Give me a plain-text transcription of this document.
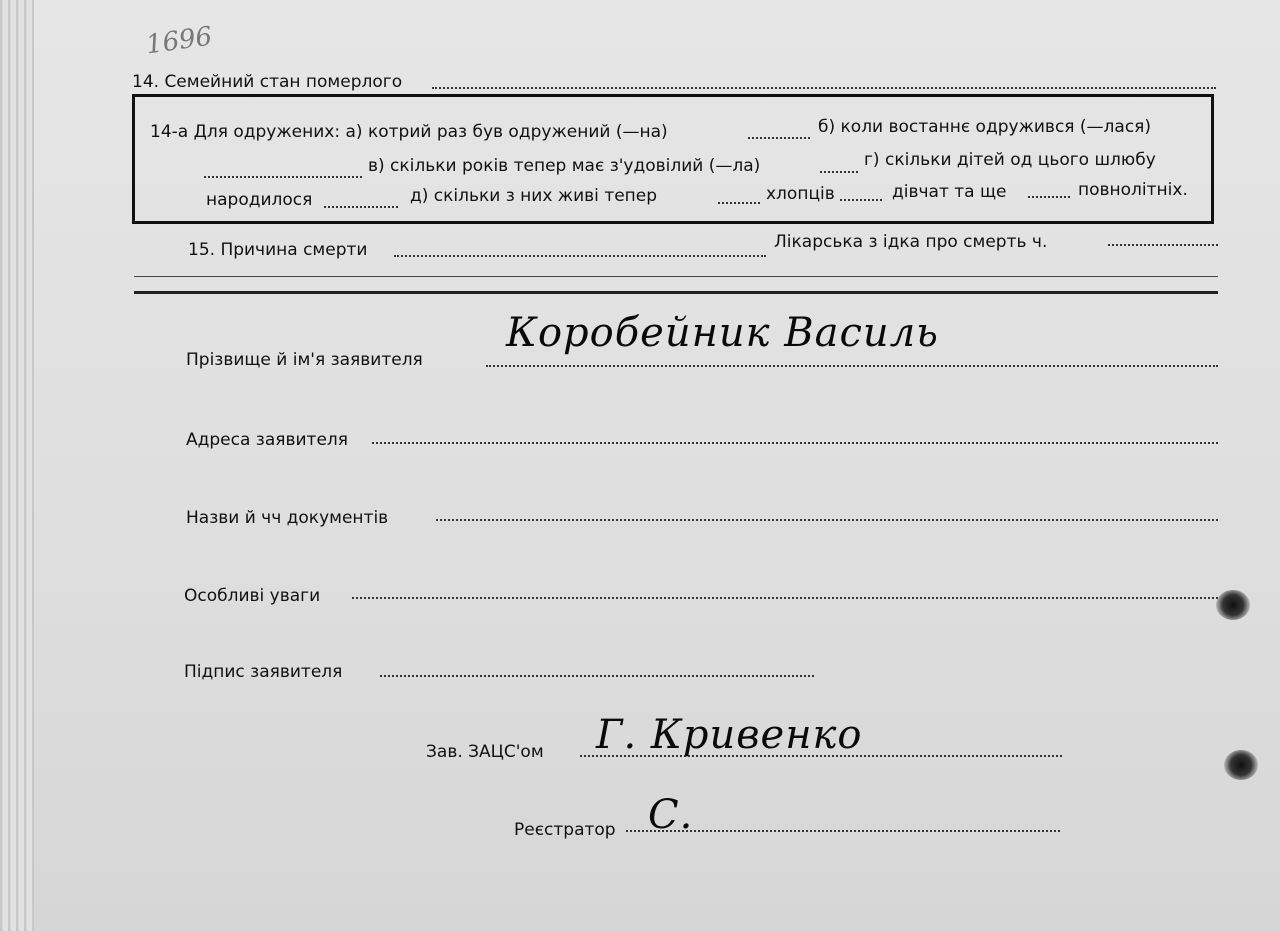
1696
14. Семейний стан померлого
14-а Для одружених: а) котрий раз був одружений (—на)	б) коли востаннє одружився (—лася)
в) скільки років тепер має з'удовілий (—ла)	г) скільки дітей од цього шлюбу
народилося	д) скільки з них живі тепер	хлопців	дівчат та ще	повнолітніх.
15. Причина смерти	Лікарська з ідка про смерть ч.
Прізвище й ім'я заявителя
Коробейник Василь
Адреса заявителя
Назви й чч документів
Особливі уваги
Підпис заявителя
Зав. ЗАЦС'ом Г. Кривенко
Реєстратор С.
